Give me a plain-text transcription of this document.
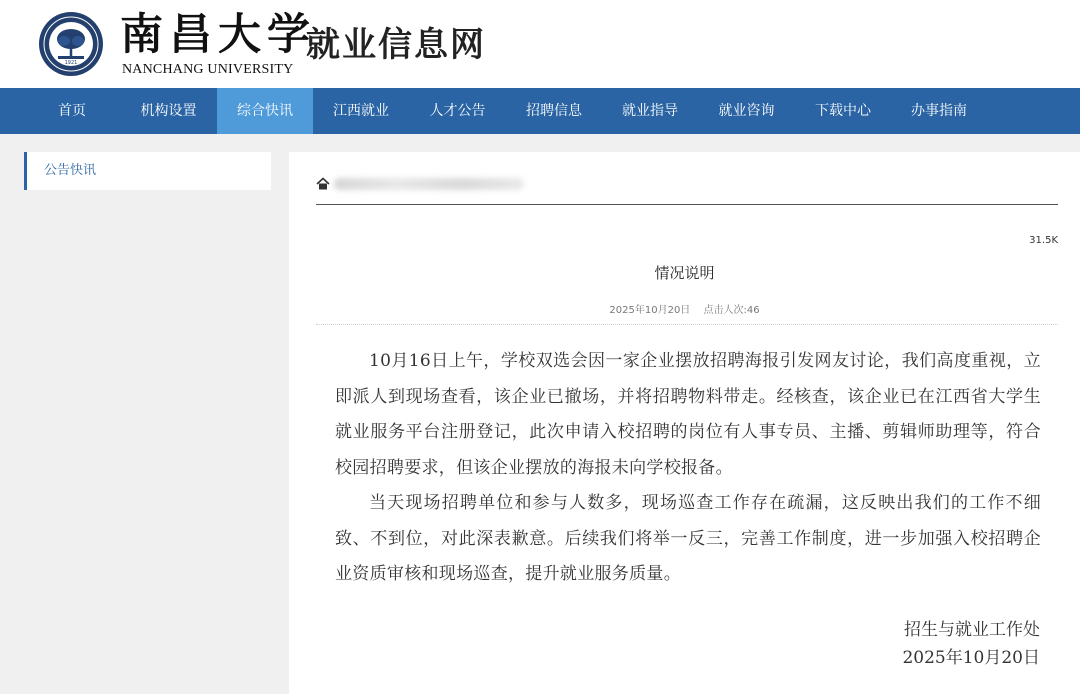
1921
南昌大学
NANCHANG UNIVERSITY
就业信息网
首页	机构设置	综合快讯	江西就业	人才公告	招聘信息	就业指导	就业咨询	下载中心	办事指南
公告快讯
31.5K
情况说明
2025年10月20日 点击人次:46

10月16日上午，学校双选会因一家企业摆放招聘海报引发网友讨论，我们高度重视，立即派人到现场查看，该企业已撤场，并将招聘物料带走。经核查，该企业已在江西省大学生就业服务平台注册登记，此次申请入校招聘的岗位有人事专员、主播、剪辑师助理等，符合校园招聘要求，但该企业摆放的海报未向学校报备。

当天现场招聘单位和参与人数多，现场巡查工作存在疏漏，这反映出我们的工作不细致、不到位，对此深表歉意。后续我们将举一反三，完善工作制度，进一步加强入校招聘企业资质审核和现场巡查，提升就业服务质量。

招生与就业工作处
2025年10月20日
